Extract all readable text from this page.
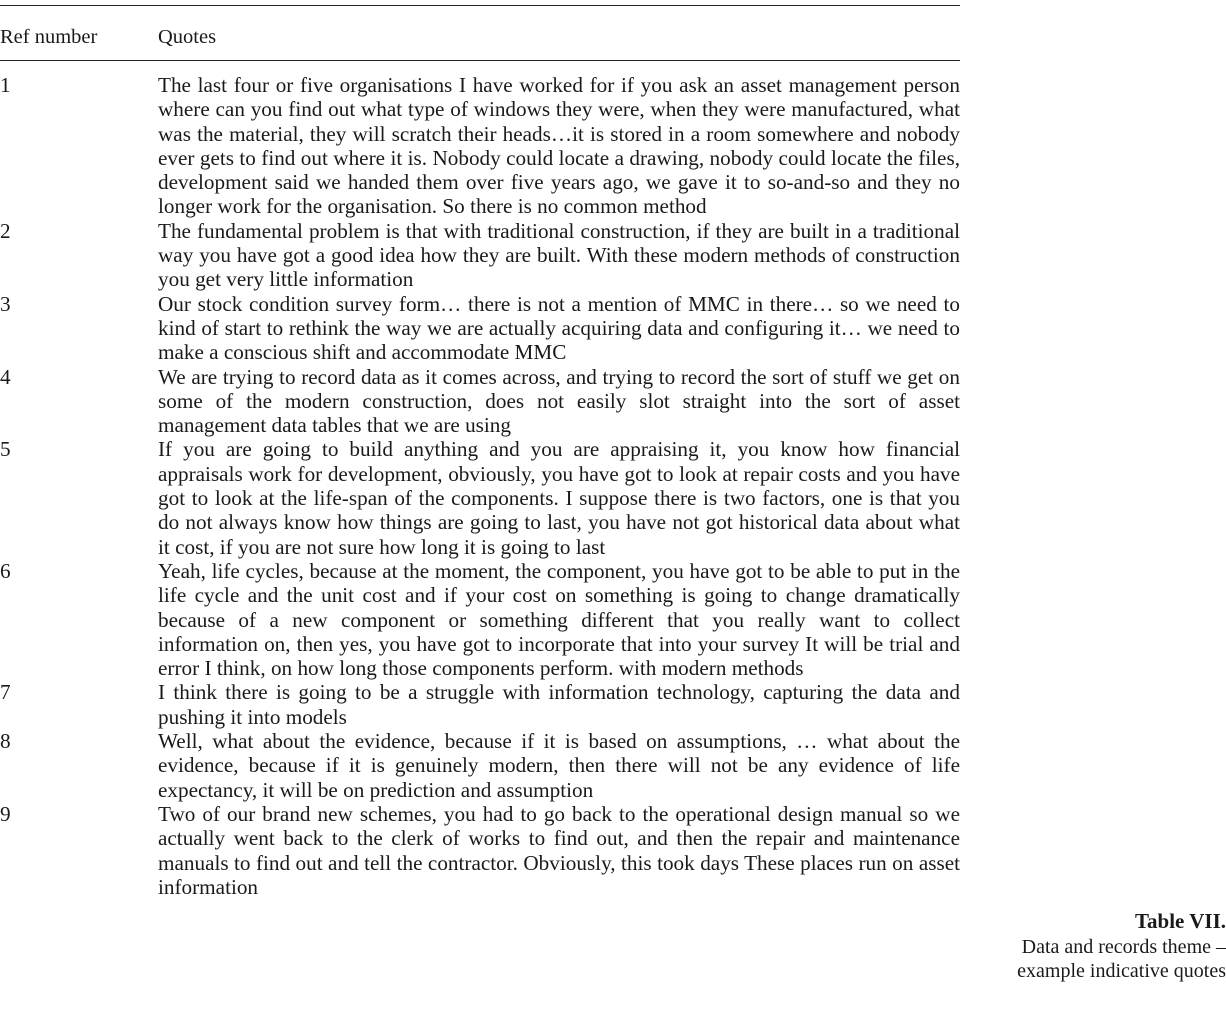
Ref number	Quotes
1	The last four or five organisations I have worked for if you ask an asset management person where can you find out what type of windows they were, when they were manufactured, what was the material, they will scratch their heads…it is stored in a room somewhere and nobody ever gets to find out where it is. Nobody could locate a drawing, nobody could locate the files, development said we handed them over five years ago, we gave it to so-and-so and they no longer work for the organisation. So there is no common method
2	The fundamental problem is that with traditional construction, if they are built in a traditional way you have got a good idea how they are built. With these modern methods of construction you get very little information
3	Our stock condition survey form… there is not a mention of MMC in there… so we need to kind of start to rethink the way we are actually acquiring data and configuring it… we need to make a conscious shift and accommodate MMC
4	We are trying to record data as it comes across, and trying to record the sort of stuff we get on some of the modern construction, does not easily slot straight into the sort of asset management data tables that we are using
5	If you are going to build anything and you are appraising it, you know how financial appraisals work for development, obviously, you have got to look at repair costs and you have got to look at the life-span of the components. I suppose there is two factors, one is that you do not always know how things are going to last, you have not got historical data about what it cost, if you are not sure how long it is going to last
6	Yeah, life cycles, because at the moment, the component, you have got to be able to put in the life cycle and the unit cost and if your cost on something is going to change dramatically because of a new component or something different that you really want to collect information on, then yes, you have got to incorporate that into your survey It will be trial and error I think, on how long those components perform. with modern methods
7	I think there is going to be a struggle with information technology, capturing the data and pushing it into models
8	Well, what about the evidence, because if it is based on assumptions, … what about the evidence, because if it is genuinely modern, then there will not be any evidence of life expectancy, it will be on prediction and assumption
9	Two of our brand new schemes, you had to go back to the operational design manual so we actually went back to the clerk of works to find out, and then the repair and maintenance manuals to find out and tell the contractor. Obviously, this took days These places run on asset information
Table VII.
Data and records theme – example indicative quotes
